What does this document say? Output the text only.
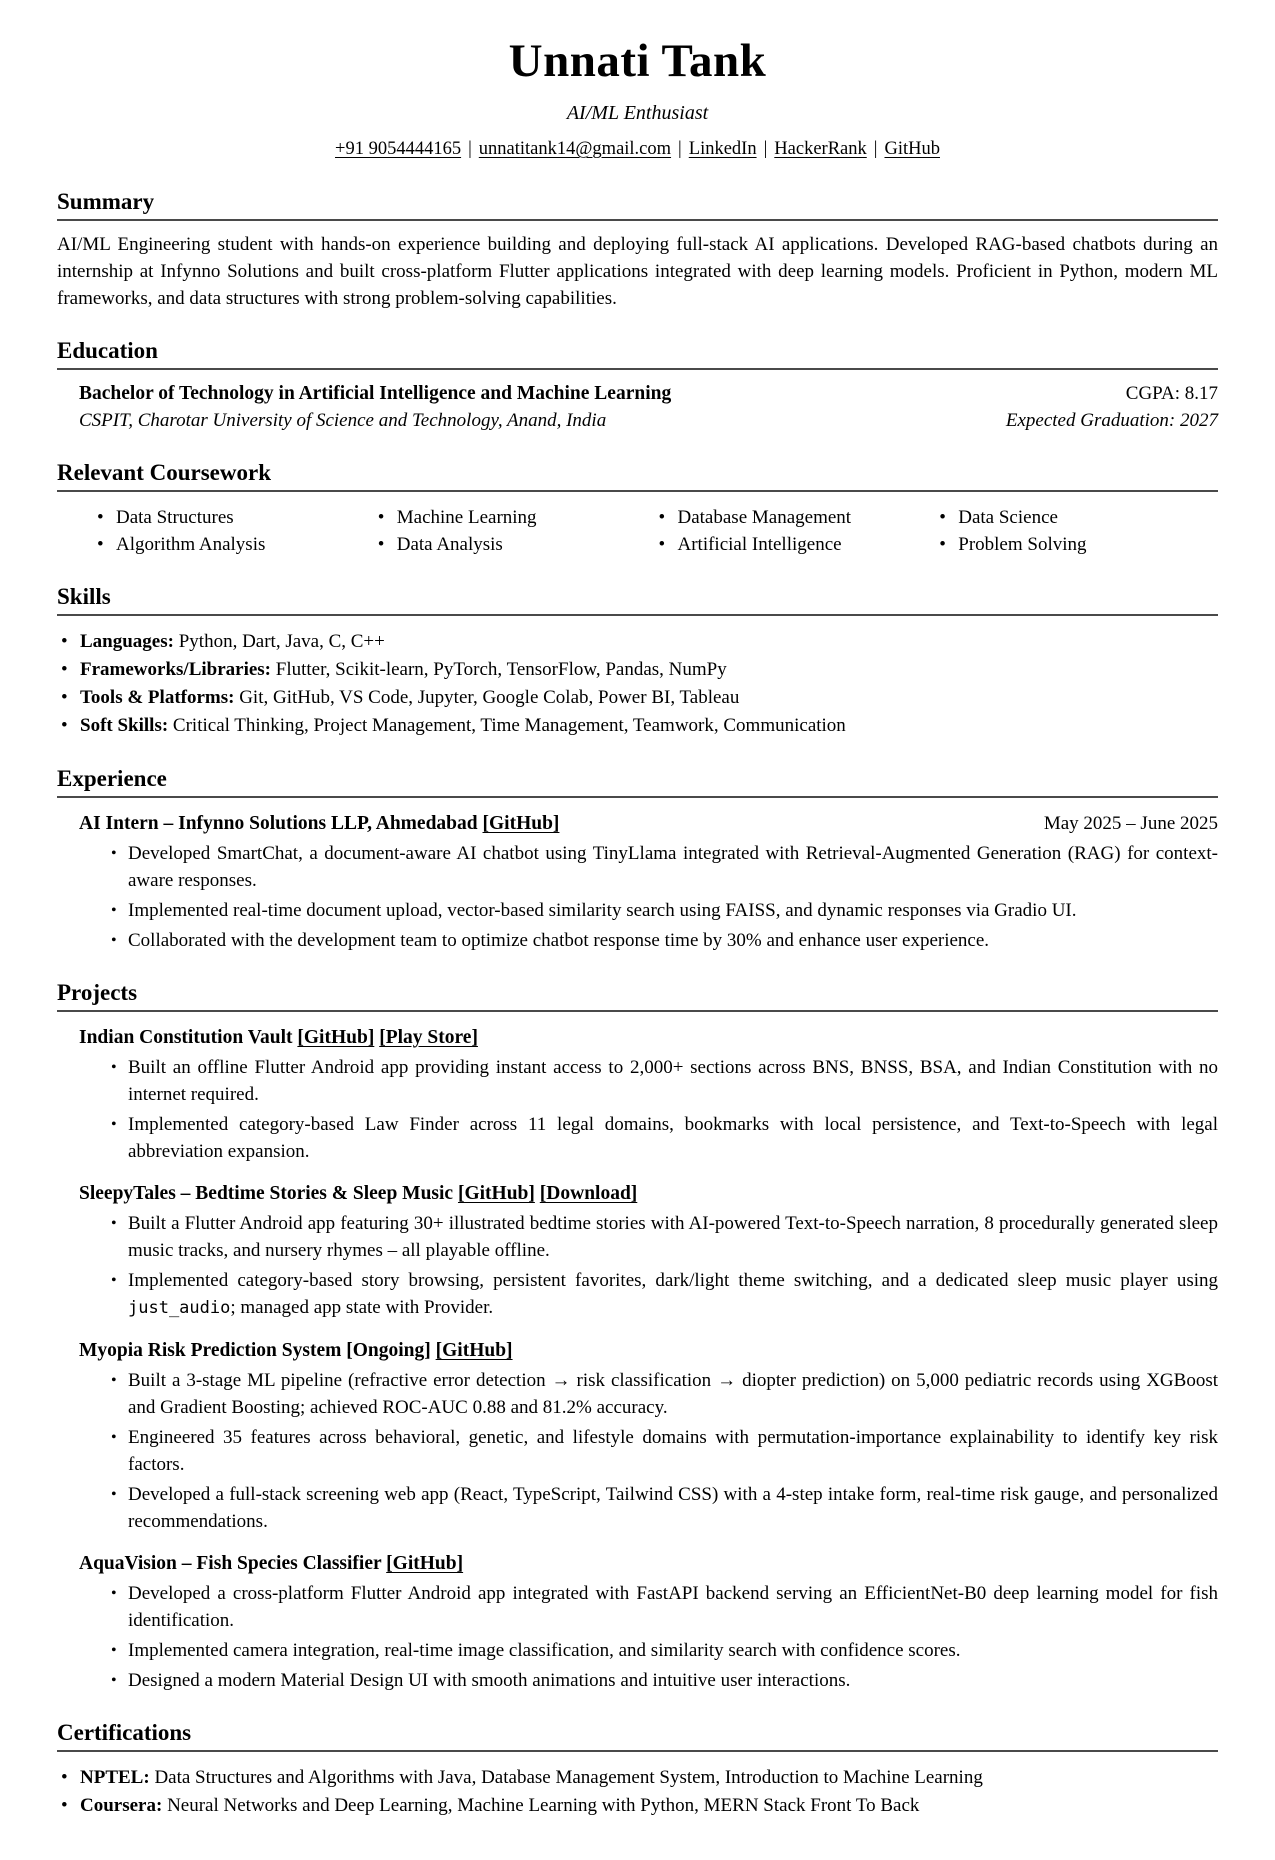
Unnati Tank
AI/ML Enthusiast
+91 9054444165 | unnatitank14@gmail.com | LinkedIn | HackerRank | GitHub
Summary

AI/ML Engineering student with hands-on experience building and deploying full-stack AI applications. Developed RAG-based chatbots during an internship at Infynno Solutions and built cross-platform Flutter applications integrated with deep learning models. Proficient in Python, modern ML frameworks, and data structures with strong problem-solving capabilities.

Education
Bachelor of Technology in Artificial Intelligence and Machine Learning	CGPA: 8.17
CSPIT, Charotar University of Science and Technology, Anand, India	Expected Graduation: 2027
Relevant Coursework
• Data Structures
• Algorithm Analysis
• Machine Learning
• Data Analysis
• Database Management
• Artificial Intelligence
• Data Science
• Problem Solving
Skills
• Languages: Python, Dart, Java, C, C++
• Frameworks/Libraries: Flutter, Scikit-learn, PyTorch, TensorFlow, Pandas, NumPy
• Tools & Platforms: Git, GitHub, VS Code, Jupyter, Google Colab, Power BI, Tableau
• Soft Skills: Critical Thinking, Project Management, Time Management, Teamwork, Communication
Experience
AI Intern – Infynno Solutions LLP, Ahmedabad [GitHub]	May 2025 – June 2025
• Developed SmartChat, a document-aware AI chatbot using TinyLlama integrated with Retrieval-Augmented Generation (RAG) for context-aware responses.
• Implemented real-time document upload, vector-based similarity search using FAISS, and dynamic responses via Gradio UI.
• Collaborated with the development team to optimize chatbot response time by 30% and enhance user experience.
Projects
Indian Constitution Vault [GitHub] [Play Store]
• Built an offline Flutter Android app providing instant access to 2,000+ sections across BNS, BNSS, BSA, and Indian Constitution with no internet required.
• Implemented category-based Law Finder across 11 legal domains, bookmarks with local persistence, and Text-to-Speech with legal abbreviation expansion.
SleepyTales – Bedtime Stories & Sleep Music [GitHub] [Download]
• Built a Flutter Android app featuring 30+ illustrated bedtime stories with AI-powered Text-to-Speech narration, 8 procedurally generated sleep music tracks, and nursery rhymes – all playable offline.
• Implemented category-based story browsing, persistent favorites, dark/light theme switching, and a dedicated sleep music player using just_audio; managed app state with Provider.
Myopia Risk Prediction System [Ongoing] [GitHub]
• Built a 3-stage ML pipeline (refractive error detection → risk classification → diopter prediction) on 5,000 pediatric records using XGBoost and Gradient Boosting; achieved ROC-AUC 0.88 and 81.2% accuracy.
• Engineered 35 features across behavioral, genetic, and lifestyle domains with permutation-importance explainability to identify key risk factors.
• Developed a full-stack screening web app (React, TypeScript, Tailwind CSS) with a 4-step intake form, real-time risk gauge, and personalized recommendations.
AquaVision – Fish Species Classifier [GitHub]
• Developed a cross-platform Flutter Android app integrated with FastAPI backend serving an EfficientNet-B0 deep learning model for fish identification.
• Implemented camera integration, real-time image classification, and similarity search with confidence scores.
• Designed a modern Material Design UI with smooth animations and intuitive user interactions.
Certifications
• NPTEL: Data Structures and Algorithms with Java, Database Management System, Introduction to Machine Learning
• Coursera: Neural Networks and Deep Learning, Machine Learning with Python, MERN Stack Front To Back
